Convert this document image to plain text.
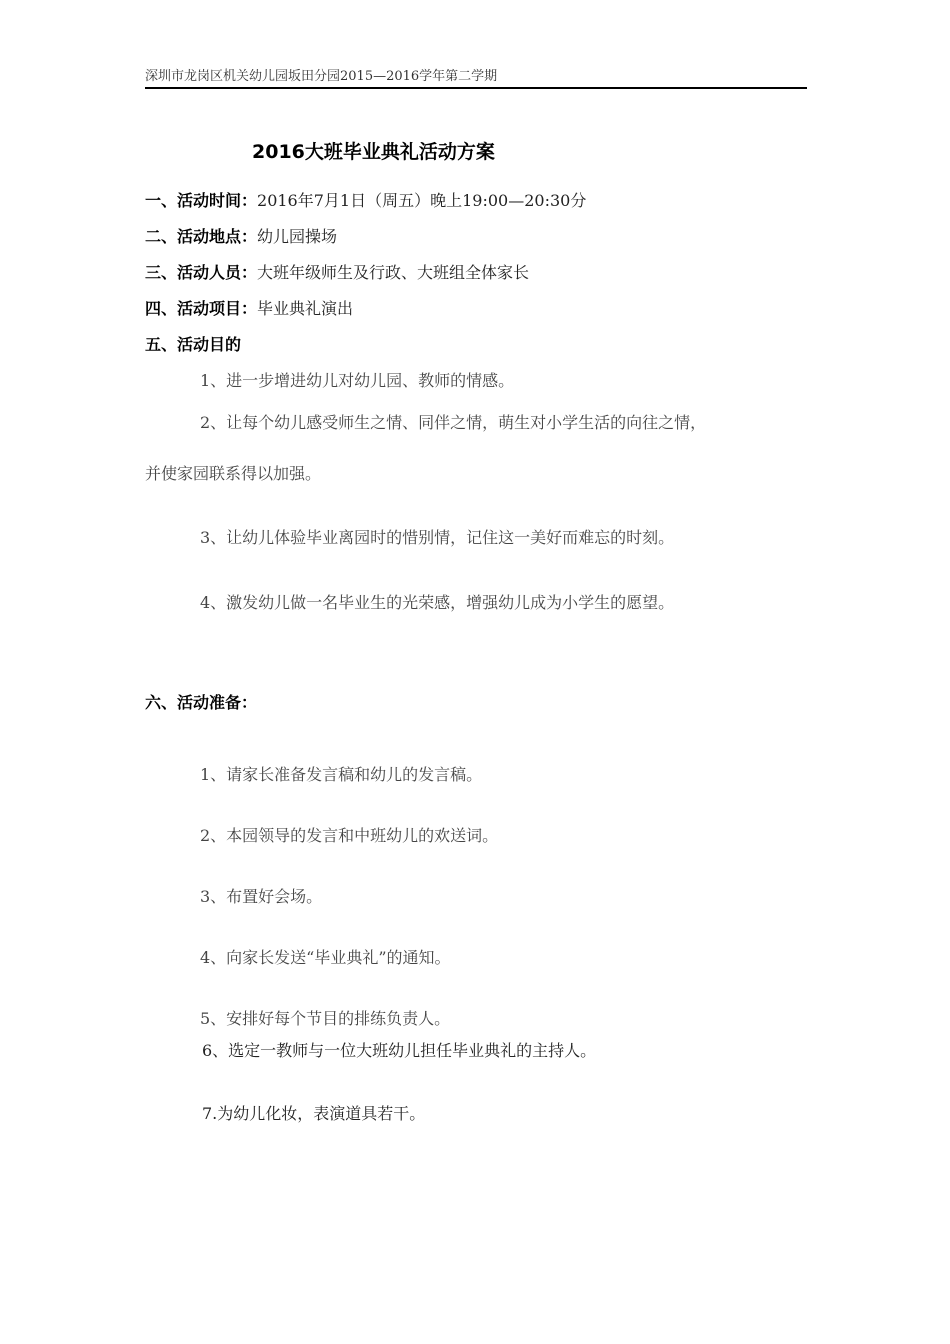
深圳市龙岗区机关幼儿园坂田分园2015—2016学年第二学期
2016大班毕业典礼活动方案
一、活动时间：2016年7月1日（周五）晚上19:00—20:30分
二、活动地点：幼儿园操场
三、活动人员：大班年级师生及行政、大班组全体家长
四、活动项目：毕业典礼演出
五、活动目的
1、进一步增进幼儿对幼儿园、教师的情感。
2、让每个幼儿感受师生之情、同伴之情，萌生对小学生活的向往之情，
并使家园联系得以加强。
3、让幼儿体验毕业离园时的惜别情，记住这一美好而难忘的时刻。
4、激发幼儿做一名毕业生的光荣感，增强幼儿成为小学生的愿望。
六、活动准备：
1、请家长准备发言稿和幼儿的发言稿。
2、本园领导的发言和中班幼儿的欢送词。
3、布置好会场。
4、向家长发送“毕业典礼”的通知。
5、安排好每个节目的排练负责人。
6、选定一教师与一位大班幼儿担任毕业典礼的主持人。
7.为幼儿化妆，表演道具若干。
